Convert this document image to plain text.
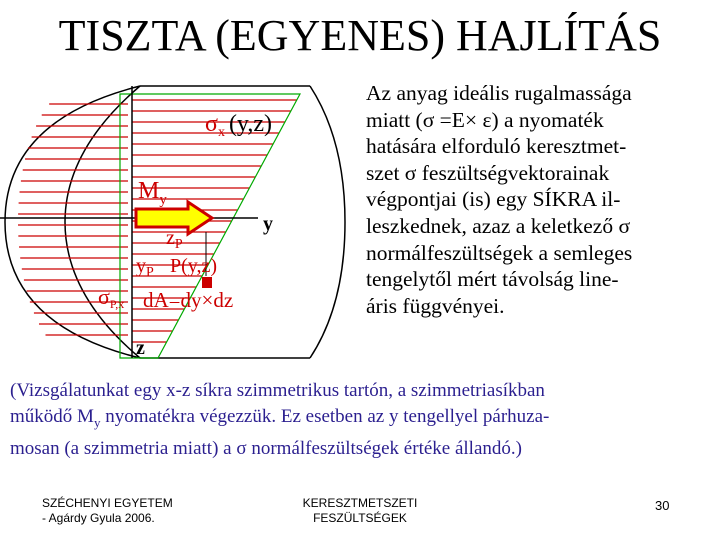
TISZTA (EGYENES) HAJLÍTÁS
$\sigma_x$ (y,z)
$M_y$
y
z
$z_P$
$y_P$ P(y,z)
σP,x dA=dy×dz
Az anyag ideális rugalmassága
miatt (σ =E× ε) a nyomaték
hatására elforduló keresztmet-
szet σ feszültségvektorainak
végpontjai (is) egy SÍKRA il-
leszkednek, azaz a keletkező σ
normálfeszültségek a semleges
tengelytől mért távolság line-
áris függvényei.
(Vizsgálatunkat egy x-z síkra szimmetrikus tartón, a szimmetriasíkban
működő $M_y$ nyomatékra végezzük. Ez esetben az y tengellyel párhuza-
mosan (a szimmetria miatt) a σ normálfeszültségek értéke állandó.)
SZÉCHENYI EGYETEM
- Agárdy Gyula 2006.
KERESZTMETSZETI
FESZÜLTSÉGEK
30
